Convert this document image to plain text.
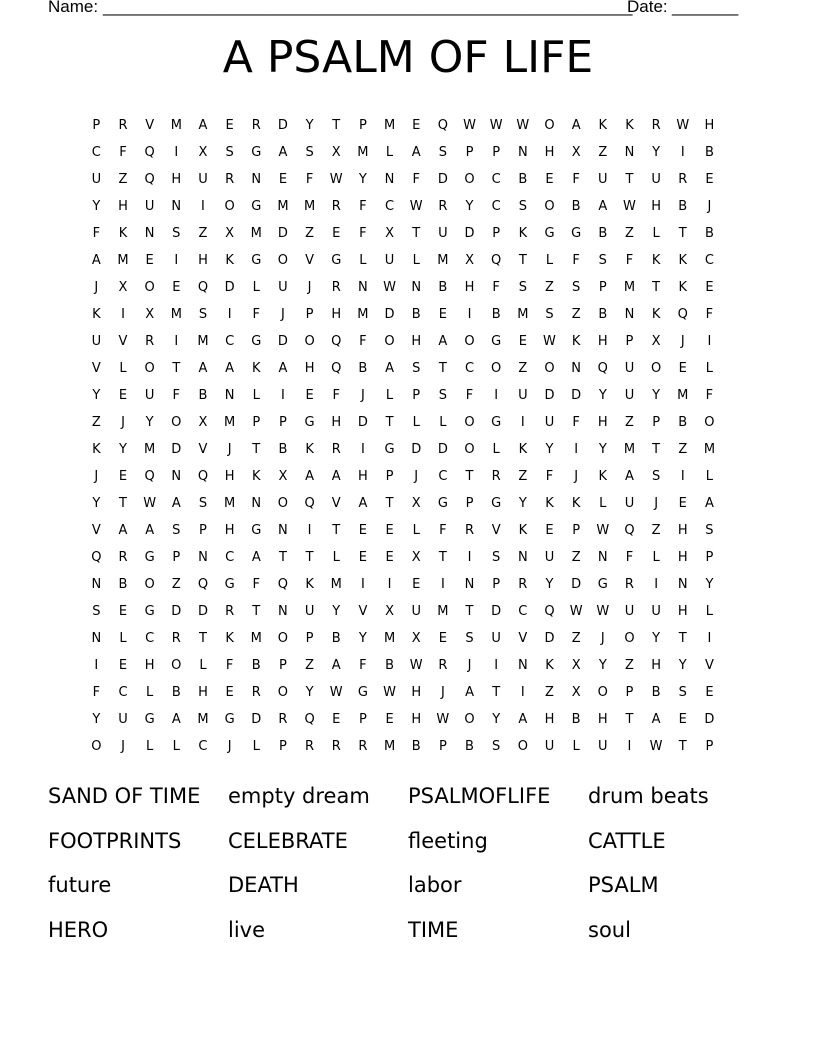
Name: ________________________________________________________
Date: _______
A PSALM OF LIFE
P	R	V	M	A	E	R	D	Y	T	P	M	E	Q	W	W	W	O	A	K	K	R	W	H
C	F	Q	I	X	S	G	A	S	X	M	L	A	S	P	P	N	H	X	Z	N	Y	I	B
U	Z	Q	H	U	R	N	E	F	W	Y	N	F	D	O	C	B	E	F	U	T	U	R	E
Y	H	U	N	I	O	G	M	M	R	F	C	W	R	Y	C	S	O	B	A	W	H	B	J
F	K	N	S	Z	X	M	D	Z	E	F	X	T	U	D	P	K	G	G	B	Z	L	T	B
A	M	E	I	H	K	G	O	V	G	L	U	L	M	X	Q	T	L	F	S	F	K	K	C
J	X	O	E	Q	D	L	U	J	R	N	W	N	B	H	F	S	Z	S	P	M	T	K	E
K	I	X	M	S	I	F	J	P	H	M	D	B	E	I	B	M	S	Z	B	N	K	Q	F
U	V	R	I	M	C	G	D	O	Q	F	O	H	A	O	G	E	W	K	H	P	X	J	I
V	L	O	T	A	A	K	A	H	Q	B	A	S	T	C	O	Z	O	N	Q	U	O	E	L
Y	E	U	F	B	N	L	I	E	F	J	L	P	S	F	I	U	D	D	Y	U	Y	M	F
Z	J	Y	O	X	M	P	P	G	H	D	T	L	L	O	G	I	U	F	H	Z	P	B	O
K	Y	M	D	V	J	T	B	K	R	I	G	D	D	O	L	K	Y	I	Y	M	T	Z	M
J	E	Q	N	Q	H	K	X	A	A	H	P	J	C	T	R	Z	F	J	K	A	S	I	L
Y	T	W	A	S	M	N	O	Q	V	A	T	X	G	P	G	Y	K	K	L	U	J	E	A
V	A	A	S	P	H	G	N	I	T	E	E	L	F	R	V	K	E	P	W	Q	Z	H	S
Q	R	G	P	N	C	A	T	T	L	E	E	X	T	I	S	N	U	Z	N	F	L	H	P
N	B	O	Z	Q	G	F	Q	K	M	I	I	E	I	N	P	R	Y	D	G	R	I	N	Y
S	E	G	D	D	R	T	N	U	Y	V	X	U	M	T	D	C	Q	W	W	U	U	H	L
N	L	C	R	T	K	M	O	P	B	Y	M	X	E	S	U	V	D	Z	J	O	Y	T	I
I	E	H	O	L	F	B	P	Z	A	F	B	W	R	J	I	N	K	X	Y	Z	H	Y	V
F	C	L	B	H	E	R	O	Y	W	G	W	H	J	A	T	I	Z	X	O	P	B	S	E
Y	U	G	A	M	G	D	R	Q	E	P	E	H	W	O	Y	A	H	B	H	T	A	E	D
O	J	L	L	C	J	L	P	R	R	R	M	B	P	B	S	O	U	L	U	I	W	T	P
SAND OF TIME	empty dream	PSALMOFLIFE	drum beats
FOOTPRINTS	CELEBRATE	fleeting	CATTLE
future	DEATH	labor	PSALM
HERO	live	TIME	soul
